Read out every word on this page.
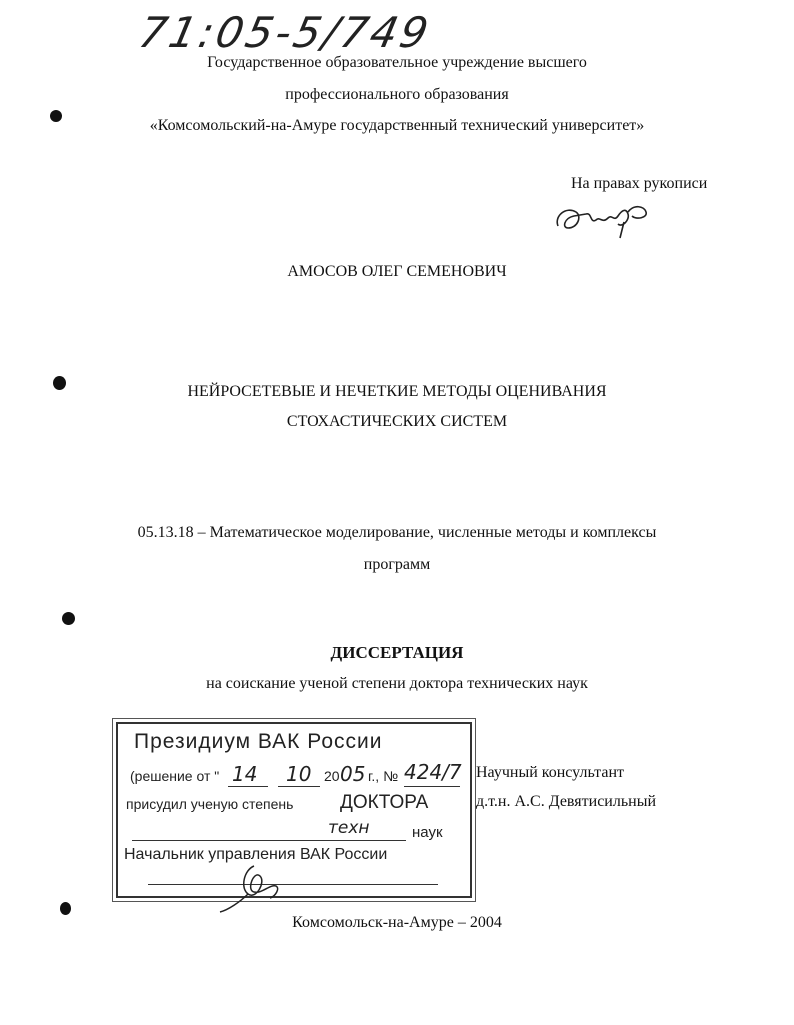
71:05-5/749
Государственное образовательное учреждение высшего
профессионального образования
«Комсомольский-на-Амуре государственный технический университет»
На правах рукописи
АМОСОВ ОЛЕГ СЕМЕНОВИЧ
НЕЙРОСЕТЕВЫЕ И НЕЧЕТКИЕ МЕТОДЫ ОЦЕНИВАНИЯ
СТОХАСТИЧЕСКИХ СИСТЕМ
05.13.18 – Математическое моделирование, численные методы и комплексы
программ
ДИССЕРТАЦИЯ
на соискание ученой степени доктора технических наук
Президиум ВАК России
(решение от " 14 10 20 05 г., № 424/7
присудил ученую степень ДОКТОРА
техн	наук
Начальник управления ВАК России
Научный консультант
д.т.н. А.С. Девятисильный
Комсомольск-на-Амуре – 2004
